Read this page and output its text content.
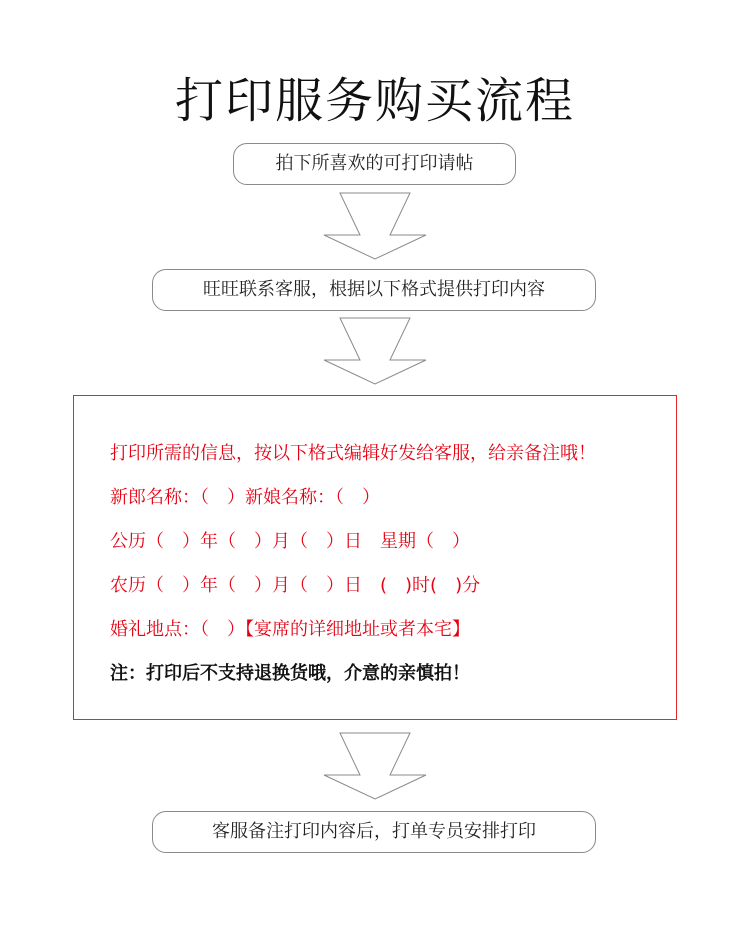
打印服务购买流程
拍下所喜欢的可打印请帖
旺旺联系客服，根据以下格式提供打印内容
打印所需的信息，按以下格式编辑好发给客服，给亲备注哦！
新郎名称：（　）新娘名称：（　）
公历（　）年（　）月（　）日　星期（　）
农历（　）年（　）月（　）日　(　)时(　)分
婚礼地点：（　）【宴席的详细地址或者本宅】
注：打印后不支持退换货哦，介意的亲慎拍！
客服备注打印内容后，打单专员安排打印
